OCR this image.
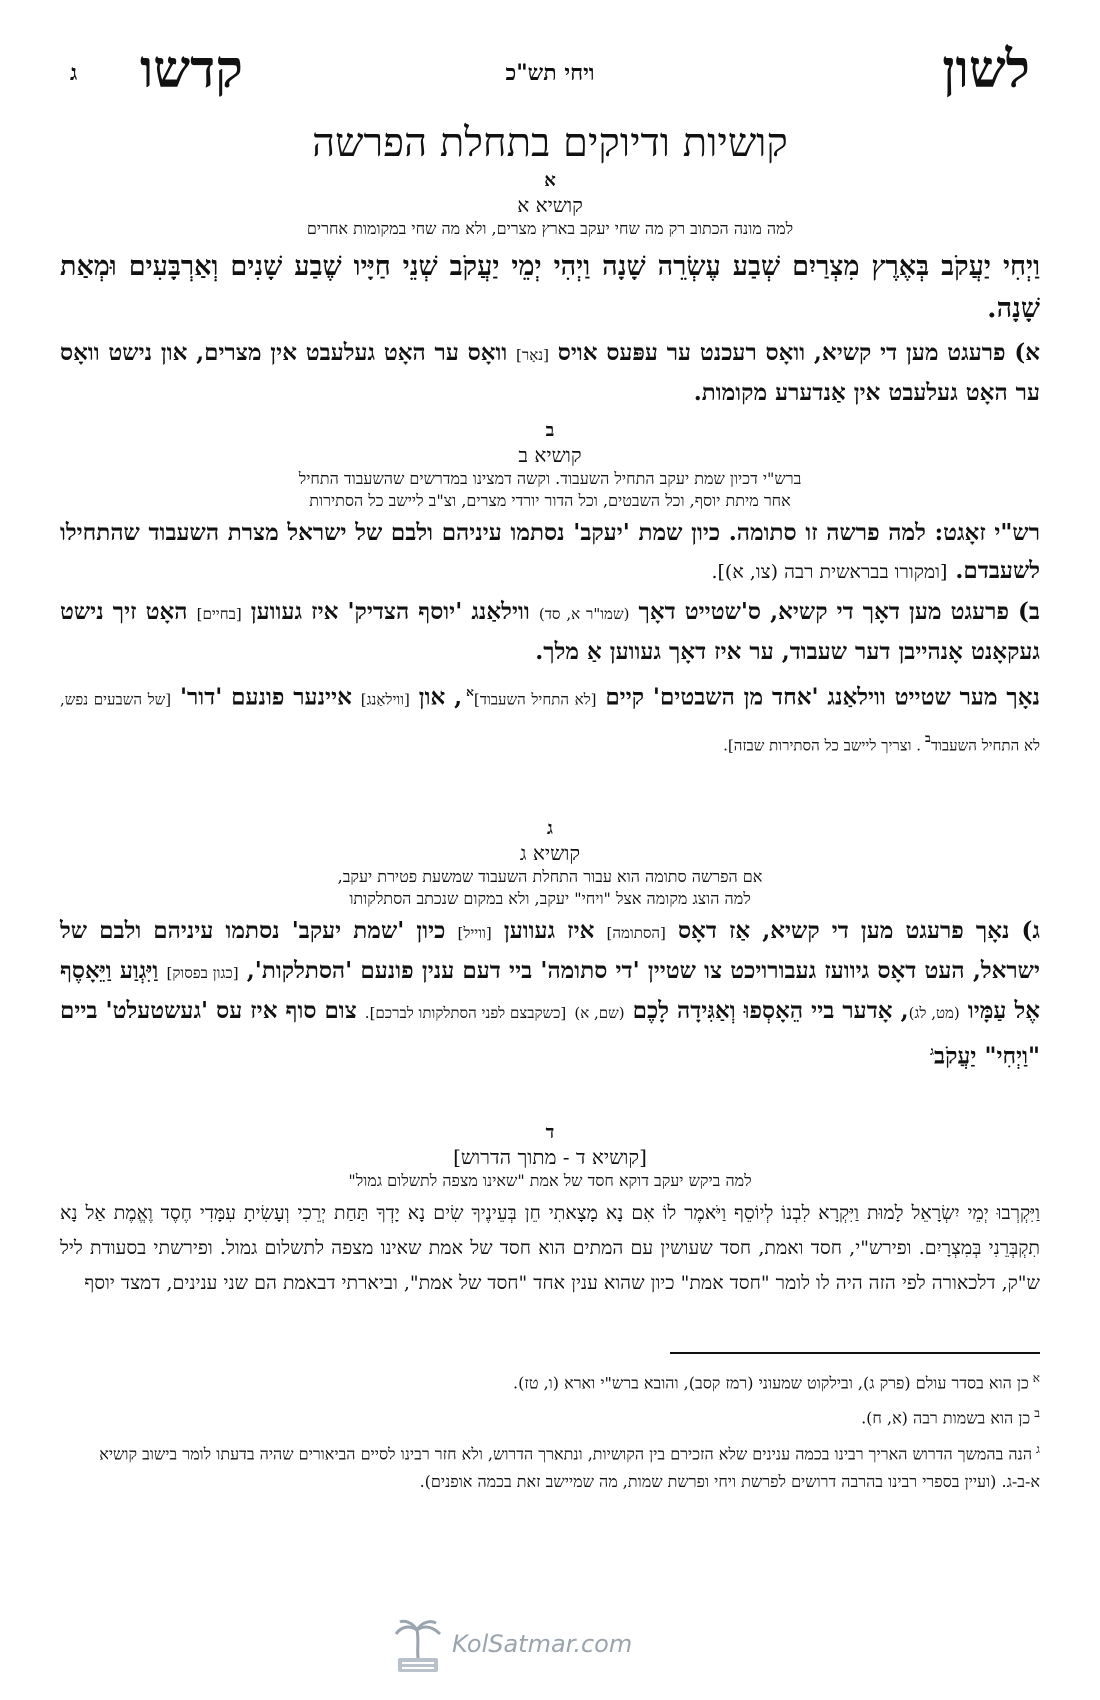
לשון
קדשו	ויחי תש"כ
ג
קושיות ודיוקים בתחלת הפרשה

א

קושיא א

למה מונה הכתוב רק מה שחי יעקב בארץ מצרים, ולא מה שחי במקומות אחרים

וַיְחִי יַעֲקֹב בְּאֶרֶץ מִצְרַיִם שְׁבַע עֶשְׂרֵה שָׁנָה וַיְהִי יְמֵי יַעֲקֹב שְׁנֵי חַיָּיו שֶׁבַע שָׁנִים וְאַרְבָּעִים וּמְאַת שָׁנָה.

א) פרעגט מען די קשיא, וואָס רעכנט ער עפּעס אויס [נאָר] וואָס ער האָט געלעבט אין מצרים, און נישט וואָס ער האָט געלעבט אין אַנדערע מקומות.

ב

קושיא ב

ברש"י דכיון שמת יעקב התחיל השעבוד. וקשה דמצינו במדרשים שהשעבוד התחיל

אחר מיתת יוסף, וכל השבטים, וכל הדור יורדי מצרים, וצ"ב ליישב כל הסתירות

רש"י זאָגט: למה פרשה זו סתומה. כיון שמת 'יעקב' נסתמו עיניהם ולבם של ישראל מצרת השעבוד שהתחילו לשעבדם. [ומקורו בבראשית רבה (צו, א)].

ב) פרעגט מען דאָך די קשיא, ס'שטייט דאָך (שמו"ר א, סד) ווילאַנג 'יוסף הצדיק' איז געווען [בחיים] האָט זיך נישט געקאָנט אָנהייבן דער שעבוד, ער איז דאָך געווען אַ מלך.

נאָך מער שטייט ווילאַנג 'אחד מן השבטים' קיים [לא התחיל השעבוד]$^א$, און [ווילאַנג] איינער פונעם 'דור' [של השבעים נפש, לא התחיל השעבוד$^ב$. וצריך ליישב כל הסתירות שבזה].

ג

קושיא ג

אם הפרשה סתומה הוא עבור התחלת השעבוד שמשעת פטירת יעקב,

למה הוצג מקומה אצל "ויחי" יעקב, ולא במקום שנכתב הסתלקותו

ג) נאָך פרעגט מען די קשיא, אַז דאָס [הסתומה] איז געווען [ווייל] כיון 'שמת יעקב' נסתמו עיניהם ולבם של ישראל, העט דאָס גיוועז געבורויכט צו שטיין 'די סתומה' ביי דעם ענין פונעם 'הסתלקות', [כגון בפסוק] וַיִּגְוַע וַיֵּאָסֶף אֶל עַמָּיו (מט, לג), אָדער ביי הֵאָסְפוּ וְאַגִּידָה לָכֶם (שם, א) [כשקבצם לפני הסתלקותו לברכם]. צום סוף איז עס 'געשטעלט' ביים "וַיְחִי" יַעֲקֹב$^ג$

ד

[קושיא ד - מתוך הדרוש]

למה ביקש יעקב דוקא חסד של אמת "שאינו מצפה לתשלום גמול"

וַיִּקְרְבוּ יְמֵי יִשְׂרָאֵל לָמוּת וַיִּקְרָא לִבְנוֹ לְיוֹסֵף וַיֹּאמֶר לוֹ אִם נָא מָצָאתִי חֵן בְּעֵינֶיךָ שִׂים נָא יָדְךָ תַּחַת יְרֵכִי וְעָשִׂיתָ עִמָּדִי חֶסֶד וֶאֱמֶת אַל נָא תִקְבְּרֵנִי בְּמִצְרָיִם. ופירש"י, חסד ואמת, חסד שעושין עם המתים הוא חסד של אמת שאינו מצפה לתשלום גמול. ופירשתי בסעודת ליל ש"ק, דלכאורה לפי הזה היה לו לומר "חסד אמת" כיון שהוא ענין אחד "חסד של אמת", וביארתי דבאמת הם שני ענינים, דמצד יוסף

$^א$כן הוא בסדר עולם (פרק ג), ובילקוט שמעוני (רמז קסב), והובא ברש"י וארא (ו, טז).

$^ב$כן הוא בשמות רבה (א, ח).

$^ג$הנה בהמשך הדרוש האריך רבינו בכמה ענינים שלא הזכירם בין הקושיות, ונתארך הדרוש, ולא חזר רבינו לסיים הביאורים שהיה בדעתו לומר בישוב קושיא א-ב-ג. (ועיין בספרי רבינו בהרבה דרושים לפרשת ויחי ופרשת שמות, מה שמיישב זאת בכמה אופנים).

KolSatmar.com
